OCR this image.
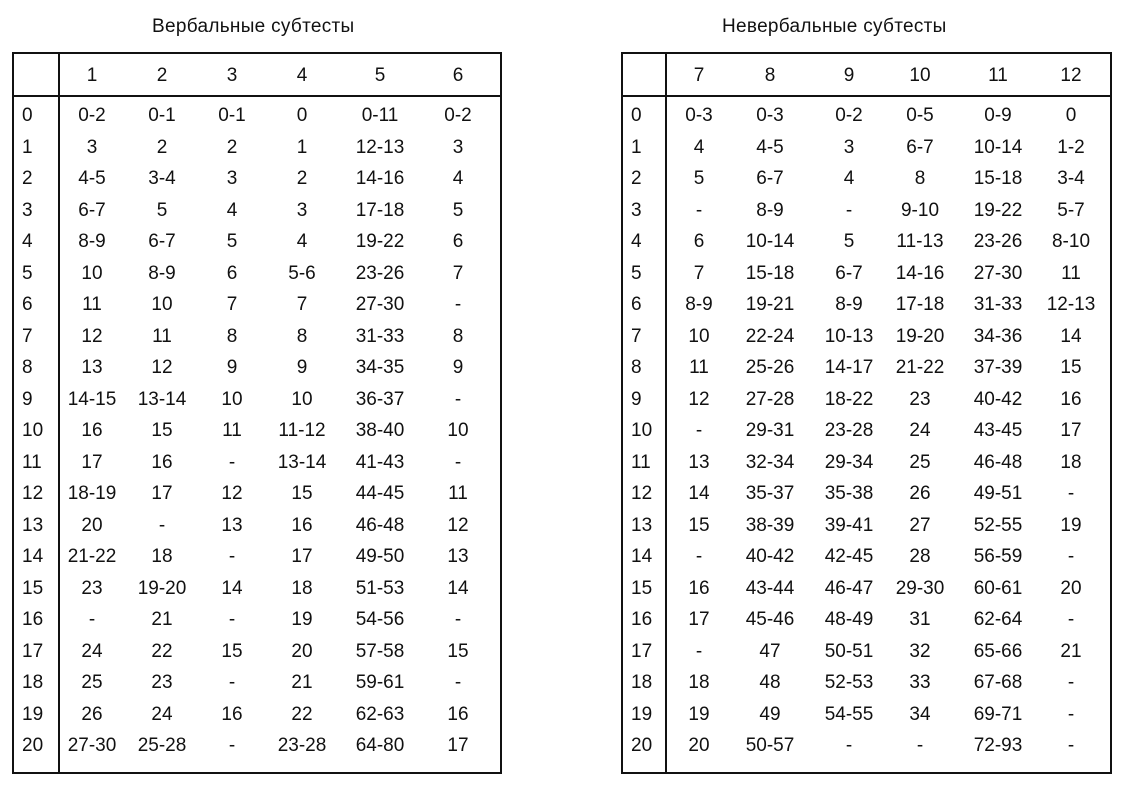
Вербальные субтесты	Невербальные субтесты
1	2	3	4	5	6
0	0-2	0-1	0-1	0	0-11	0-2
1	3	2	2	1	12-13	3
2	4-5	3-4	3	2	14-16	4
3	6-7	5	4	3	17-18	5
4	8-9	6-7	5	4	19-22	6
5	10	8-9	6	5-6	23-26	7
6	11	10	7	7	27-30	-
7	12	11	8	8	31-33	8
8	13	12	9	9	34-35	9
9	14-15	13-14	10	10	36-37	-
10	16	15	11	11-12	38-40	10
11	17	16	-	13-14	41-43	-
12	18-19	17	12	15	44-45	11
13	20	-	13	16	46-48	12
14	21-22	18	-	17	49-50	13
15	23	19-20	14	18	51-53	14
16	-	21	-	19	54-56	-
17	24	22	15	20	57-58	15
18	25	23	-	21	59-61	-
19	26	24	16	22	62-63	16
20	27-30	25-28	-	23-28	64-80	17
7	8	9	10	11	12
0	0-3	0-3	0-2	0-5	0-9	0
1	4	4-5	3	6-7	10-14	1-2
2	5	6-7	4	8	15-18	3-4
3	-	8-9	-	9-10	19-22	5-7
4	6	10-14	5	11-13	23-26	8-10
5	7	15-18	6-7	14-16	27-30	11
6	8-9	19-21	8-9	17-18	31-33	12-13
7	10	22-24	10-13	19-20	34-36	14
8	11	25-26	14-17	21-22	37-39	15
9	12	27-28	18-22	23	40-42	16
10	-	29-31	23-28	24	43-45	17
11	13	32-34	29-34	25	46-48	18
12	14	35-37	35-38	26	49-51	-
13	15	38-39	39-41	27	52-55	19
14	-	40-42	42-45	28	56-59	-
15	16	43-44	46-47	29-30	60-61	20
16	17	45-46	48-49	31	62-64	-
17	-	47	50-51	32	65-66	21
18	18	48	52-53	33	67-68	-
19	19	49	54-55	34	69-71	-
20	20	50-57	-	-	72-93	-
